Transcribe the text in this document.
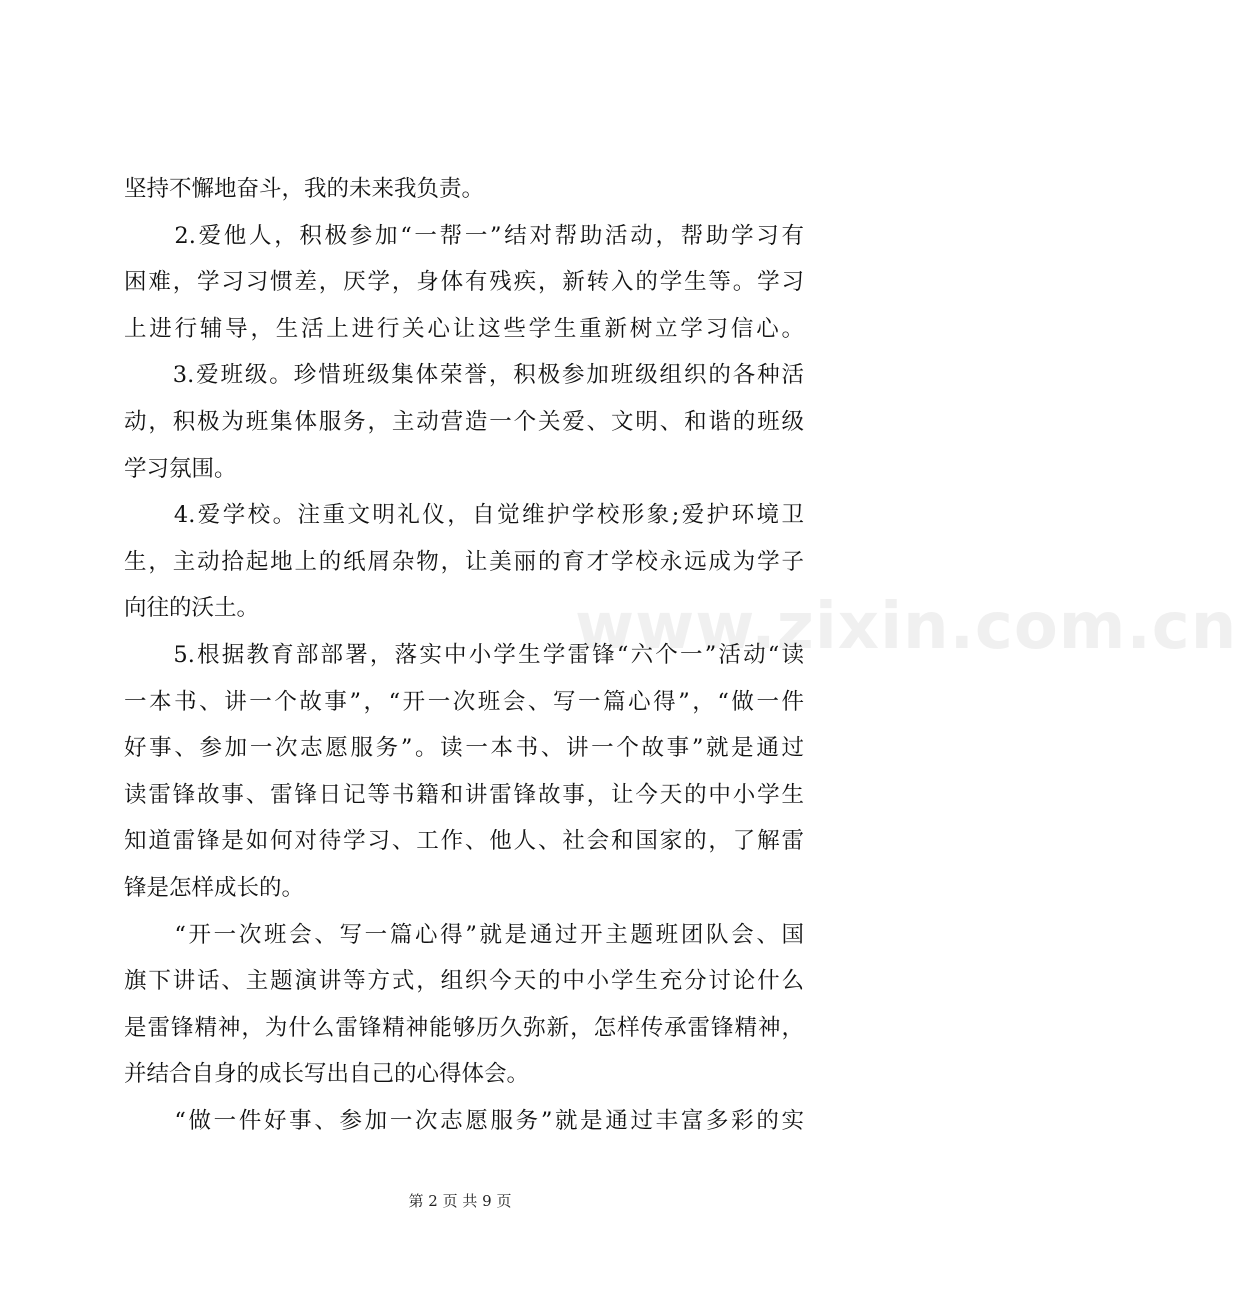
www.zixin.com.cn
坚持不懈地奋斗，我的未来我负责。
　　2.爱他人，积极参加“一帮一”结对帮助活动，帮助学习有
困难，学习习惯差，厌学，身体有残疾，新转入的学生等。学习
上进行辅导，生活上进行关心让这些学生重新树立学习信心。
　　3.爱班级。珍惜班级集体荣誉，积极参加班级组织的各种活
动，积极为班集体服务，主动营造一个关爱、文明、和谐的班级
学习氛围。
　　4.爱学校。注重文明礼仪，自觉维护学校形象;爱护环境卫
生，主动拾起地上的纸屑杂物，让美丽的育才学校永远成为学子
向往的沃土。
　　5.根据教育部部署，落实中小学生学雷锋“六个一”活动“读
一本书、讲一个故事”，“开一次班会、写一篇心得”，“做一件
好事、参加一次志愿服务”。读一本书、讲一个故事”就是通过
读雷锋故事、雷锋日记等书籍和讲雷锋故事，让今天的中小学生
知道雷锋是如何对待学习、工作、他人、社会和国家的，了解雷
锋是怎样成长的。
　　“开一次班会、写一篇心得”就是通过开主题班团队会、国
旗下讲话、主题演讲等方式，组织今天的中小学生充分讨论什么
是雷锋精神，为什么雷锋精神能够历久弥新，怎样传承雷锋精神，
并结合自身的成长写出自己的心得体会。
　　“做一件好事、参加一次志愿服务”就是通过丰富多彩的实
第 2 页 共 9 页
